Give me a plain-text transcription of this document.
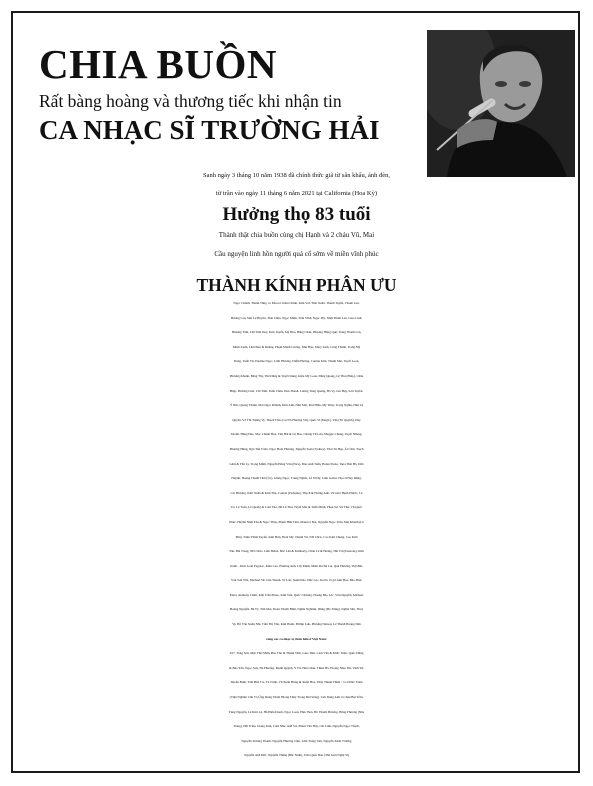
CHIA BUỒN
Rất bàng hoàng và thương tiếc khi nhận tin
CA NHẠC SĨ TRƯỜNG HẢI
Sanh ngày 3 tháng 10 năm 1938 đã chính thức giã từ sân khấu, ánh đèn,
từ trần vào ngày 11 tháng 6 năm 2021 tại California (Hoa Kỳ)
Hưởng thọ 83 tuổi
Thành thật chia buồn cùng chị Hạnh và 2 cháu Vũ, Mai
Cầu nguyện linh hồn người quá cố sớm về miền vĩnh phúc
THÀNH KÍNH PHÂN ƯU
Ngọc Chánh, Thanh Thúy, Jo Marcel, Kiều Chinh, Kim Vui, Thái Xuân, Thanh Tuyền, Thanh Lan,
Hương Lan, Mai Lệ Huyền, Thái Châu, Ngọc Minh, Trần Vĩnh, Ngọc Mỹ, Nhật Thiên Lan, Giao Linh,
Phương Tâm, LM Tâm Duy, Kim Tuyến, Mỹ Hòa, Băng Châu, Phương Hồng Quế, Trang Thanh Lan,
Minh Xuân, Tâm Đan & Dzũng, Phạm Mạnh Cương, Như Hảo, Mary Linh, Công Thành, Trang Mỹ
Dung, Tuấn Vũ, Pauline Ngọc, Linh Phương, Diễm Hương, Connie Kim, Thanh Mai, Tuyết Loan,
Phượng Khanh, Băng Thy, Thế Dũng & Tuyết Dung, Kiều Mỹ Loan, Đăng Quang, Lệ Thu (Pháp), Châu
Hiệp, Phương Liên, Chí Tâm, Tuấn Châu, Đan Thanh, Lương Tùng Quang, Hạ Vy, Gia Huy, Sơn Tuyền,
Ý Nhi, Quang Thành, Mai Ngọc Khánh, Kim Anh, Như Mai, Mai Hiền, Mỹ Thúy, Trọng Nghĩa, Hứa Lệ
Quyên, Võ Thị Tường Vy, Thạch Thảo (vợ NS Phượng Vũ), Quốc Sĩ (Magic), Yến (Tú Quỳnh), Duy
Thanh, Hùng Đào, Mạc Chánh Hòa, Việt Hải & Lệ Hoa, Chung Tử Lưu, Meggie Chung, Tuyết Nhung,
Phương Hùng, Ngô Tấn Triển, Ngọc Hoài Phương, Nguyễn Toàn (Sydney), Thái Tú Hạp, Ái Cầm, Trạch
Gầm & Yến Ly, Trọng Minh, Nguyễn Hồng Vân (Nice), Đào Anh Tuấn, Helen Elena, Tana Thái Hà, Dần
Huỳnh, Hoàng Thanh Tâm (Úc), Giáng Ngọc, Trung Nghĩa, Lê Sĩ Dự, Linh Guitar, Họa sĩ Huy Dũng,
Cát Phương, Kim Xuân & Kim Thu, Connie (Perfume), Thạch & Hoàng Anh, Victoria Hạnh Phước, Lê
Trí, Lê Toàn, Lê Quang & Cam Thơ, Hồ Lệ Thu, Tuyết Mai & Tuấn Minh, Phan Sư, Vũ Thư, Vũ Quốc
Phúc, Huỳnh Nhật Tân & Ngọc Thúy, Phạm Hữu Tâm, Maurice Đạt, Nguyễn Ngọc Trân, Mai Khanh (Lê
Phú), Triệu Thiên Tuyến, Kim Hơn, Hoài Mỹ, Thanh Vũ, ND Chris, Cao Kim Chung, Cao Kim
Tân, Đài Trang, ND Chris, Liên Helen, Đắc Lân & Kimberly, Châu Lê & Hoàng, Hải Vũ (Passions), Kim
Oanh – Kim Loan Pagolac, Kiều Cao, Phương Anh, Lây Minh, Miên Du Đà Lạt, Quế Phượng, Việt Bùi,
Văn Sơn Yên, Michael Sử, Chu Thanh, Vy Lan, Xuân Đào, Đức Lộc, Kevin và gđ Ánh Hoa, Bảo Phúc
Kaita, Anthony Chim, Kiệt Trần Photo, Kim Yến, Quốc Chương, Hoàng Bảo Lộc, Vân Nguyễn, Michael
Hoàng Nguyễn, Bé Tý, Tim Moi, Đoàn Thanh Bình, Nghĩa Nghiêm, Dũng (Hạ Trắng), Nghĩa Sữa, Thuy
Vy, Hồ Văn Xuân Nhi, Trần Thị Vân, Kim Hạnh, Phillip Lưu, Phương Nelson, Lê Thanh Hoàng Dân
cùng các ca nhạc sĩ, thân hữu ở Việt Nam:
Z27, Tòng Sơn, Mặc Thế Nhân, Bảo Thu & Thanh Tâm, Giao Tiên, Cẩm Vân & Khắc Triệu, Quốc Dũng
& Bảo Yến, Ngọc Sơn, Hà Phương, Mạnh Quỳnh, Y Vũ, Hàn Châu, Thiên Hà, Hoàng Nhạc Đô, Vinh Sử,
Dzoãn Bình, Tám Bến Tre, Tú Trinh, Vũ Xuân Hùng & Xuân Hòa, Thầy Thuận Thiên / ca sĩ Đức Xuân
(Viện Nghiên Cứu Và Ứng Dụng Thuật Phong Thủy Trong Đời Sống). Lưu Dung Anh và cháu Bụi Trần,
Tùng Nguyễn, Lê Kim Lệ, Hồ Hiếu Drum, Ngọc Loan, Phúc Ben, Hồ Thanh Phương, Hùng Phương (Nha
Trang), Hải Triều, Giang Kim, Cẩm Như, Anh Vũ, Phạm Văn Huy, Chí Linh, Nguyễn Ngọc Thạch,
Nguyễn Trường Thanh, Nguyễn Phương Cầm, Lâm Trung Việt, Nguyễn Xuân Trường
Nguyễn Anh Đức, Nguyễn Thắng (Bắc Ninh), Trần Quốc Bảo (Thế Giới Nghệ Sĩ)
